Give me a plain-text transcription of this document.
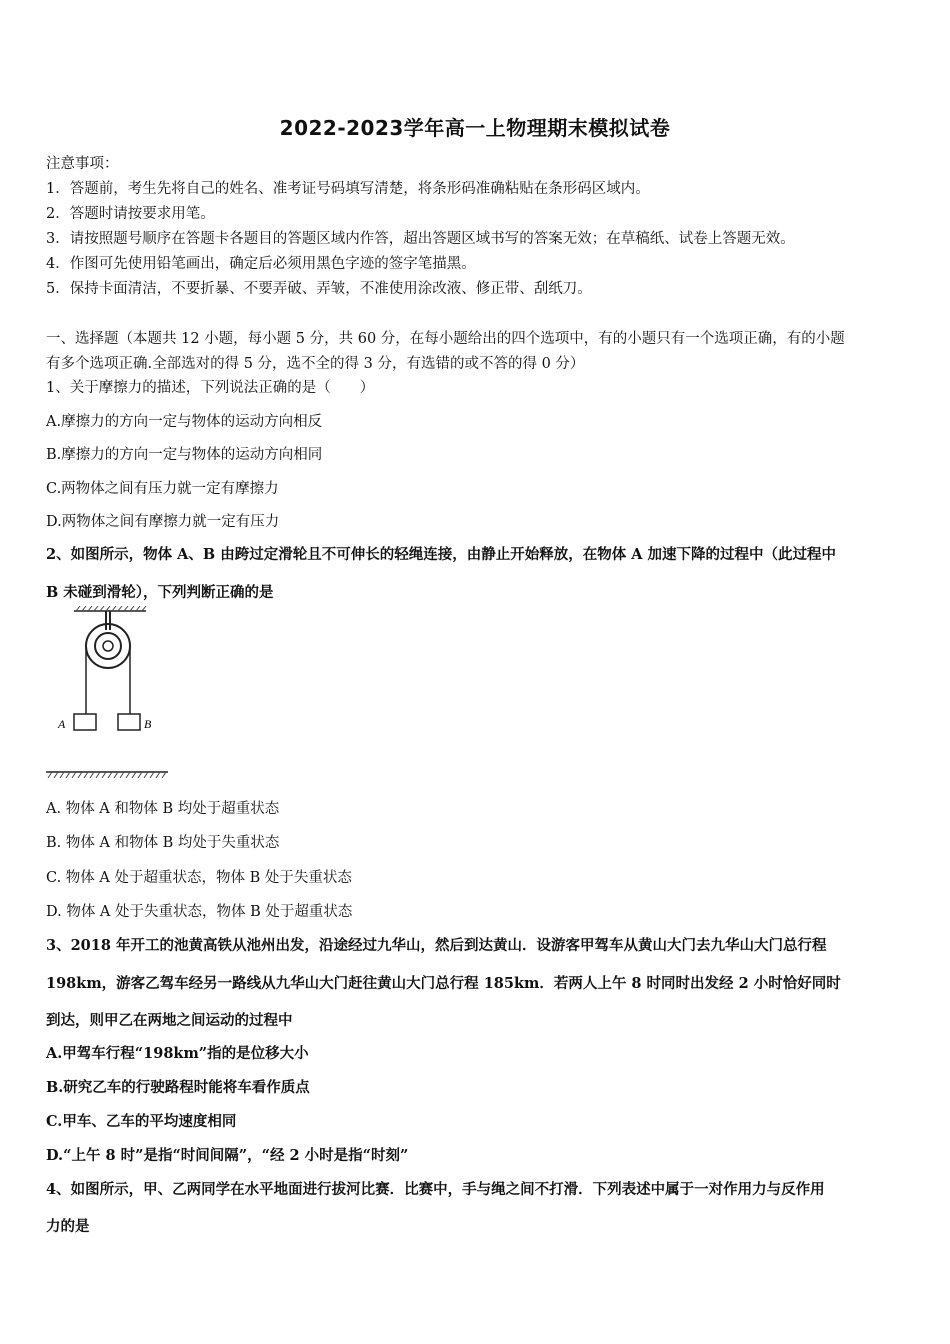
2022-2023学年高一上物理期末模拟试卷
注意事项：
1．答题前，考生先将自己的姓名、准考证号码填写清楚，将条形码准确粘贴在条形码区域内。
2．答题时请按要求用笔。
3．请按照题号顺序在答题卡各题目的答题区域内作答，超出答题区域书写的答案无效；在草稿纸、试卷上答题无效。
4．作图可先使用铅笔画出，确定后必须用黑色字迹的签字笔描黑。
5．保持卡面清洁，不要折暴、不要弄破、弄皱，不准使用涂改液、修正带、刮纸刀。
一、选择题（本题共 12 小题，每小题 5 分，共 60 分，在每小题给出的四个选项中，有的小题只有一个选项正确，有的小题
有多个选项正确.全部选对的得 5 分，选不全的得 3 分，有选错的或不答的得 0 分）
1、关于摩擦力的描述，下列说法正确的是（　　）
A.摩擦力的方向一定与物体的运动方向相反
B.摩擦力的方向一定与物体的运动方向相同
C.两物体之间有压力就一定有摩擦力
D.两物体之间有摩擦力就一定有压力
2、如图所示，物体 A、B 由跨过定滑轮且不可伸长的轻绳连接，由静止开始释放，在物体 A 加速下降的过程中（此过程中
B 未碰到滑轮），下列判断正确的是
A	B
A. 物体 A 和物体 B 均处于超重状态
B. 物体 A 和物体 B 均处于失重状态
C. 物体 A 处于超重状态，物体 B 处于失重状态
D. 物体 A 处于失重状态，物体 B 处于超重状态
3、2018 年开工的池黄高铁从池州出发，沿途经过九华山，然后到达黄山．设游客甲驾车从黄山大门去九华山大门总行程
198km，游客乙驾车经另一路线从九华山大门赶往黄山大门总行程 185km．若两人上午 8 时同时出发经 2 小时恰好同时
到达，则甲乙在两地之间运动的过程中
A.甲驾车行程“198km”指的是位移大小
B.研究乙车的行驶路程时能将车看作质点
C.甲车、乙车的平均速度相同
D.“上午 8 时”是指“时间间隔”，“经 2 小时是指“时刻”
4、如图所示，甲、乙两同学在水平地面进行拔河比赛．比赛中，手与绳之间不打滑．下列表述中属于一对作用力与反作用
力的是
